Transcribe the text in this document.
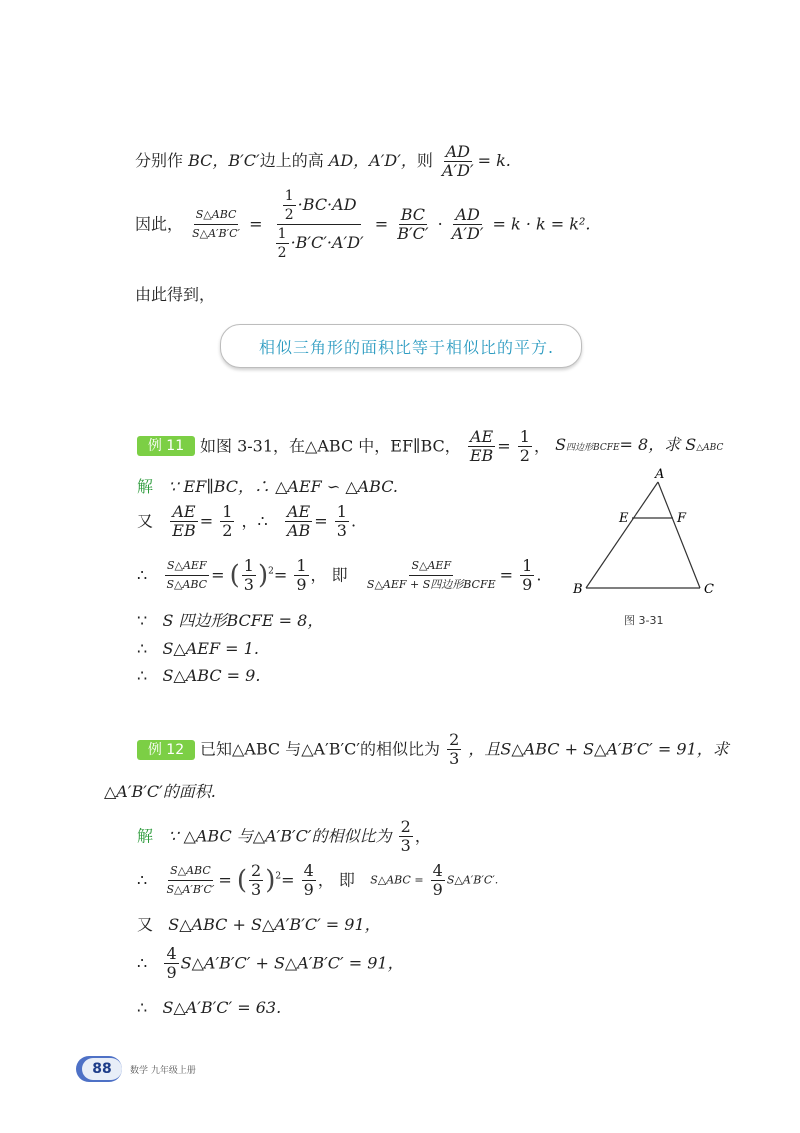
分别作 BC，B′C′边上的高 AD，A′D′，则 $\frac{AD}{A'D'} = k$.
因此， $\frac{\text{S△ABC}}{S\triangle A'B'C'} = \frac{\frac{1}{2} \cdot BC\cdot AD}{\frac{1}{2} \cdot B'C'\cdot A'D'} = \frac{BC}{B'C'} \cdot \frac{AD}{A'D'} = k \cdot k = k^2$.
由此得到，
相似三角形的面积比等于相似比的平方.
例 11 如图 3-31，在△ABC 中，EF∥BC， $\frac{AE}{EB} = \frac{1}{2}$ ， S四边形BCFE= 8，求 S△ABC
解 ∵ EF∥BC，∴ △AEF ∽ △ABC.
又 $\frac{AE}{EB} = \frac{1}{2}$ ，∴ $\frac{AE}{AB} = \frac{1}{3}$ .
∴ $\frac{\text{S△AEF}}{\text{S△ABC}}$ = ( $\frac{1}{3} )^2= \frac{1}{9}$ ， 即 $\frac{\text{S△AEF}}{\text{S△AEF + S四边形BCFE}} = \frac{1}{9}$ .
∵ S 四边形BCFE = 8，
∴ S△AEF = 1.
∴ S△ABC = 9.
A
E	F
B	C
图 3-31
例 12 已知△ABC 与△A′B′C′的相似比为 $\frac{2}{3}$ ，且S△ABC + S△A′B′C′ = 91，求
△A′B′C′的面积.
解 ∵ △ABC 与△A′B′C′的相似比为 $\frac{2}{3}$ ，
∴ $\frac{\text{S△ABC}}{S\triangle A'B'C'}$ = ( $\frac{2}{3} )^2= \frac{4}{9}$ ， 即 S△ABC = $\frac{4}{9}$ S△A′B′C′.
又 S△ABC + S△A′B′C′ = 91，
∴ $\frac{4}{9}$ S△A′B′C′ + S△A′B′C′ = 91，
∴ S△A′B′C′ = 63.
88	数学 九年级上册
